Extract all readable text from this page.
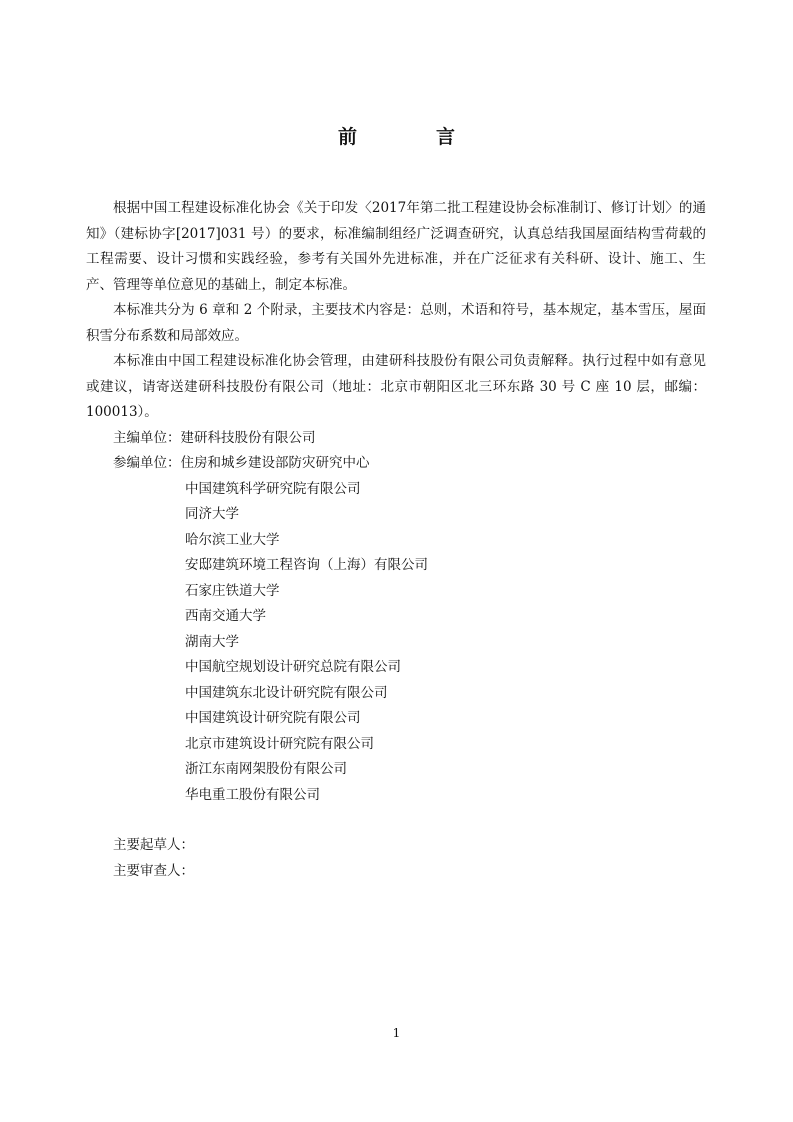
前　言

根据中国工程建设标准化协会《关于印发〈2017年第二批工程建设协会标准制订、修订计划〉的通知》（建标协字[2017]031 号）的要求，标准编制组经广泛调查研究，认真总结我国屋面结构雪荷载的工程需要、设计习惯和实践经验，参考有关国外先进标准，并在广泛征求有关科研、设计、施工、生产、管理等单位意见的基础上，制定本标准。

本标准共分为 6 章和 2 个附录，主要技术内容是：总则，术语和符号，基本规定，基本雪压，屋面积雪分布系数和局部效应。

本标准由中国工程建设标准化协会管理，由建研科技股份有限公司负责解释。执行过程中如有意见或建议，请寄送建研科技股份有限公司（地址：北京市朝阳区北三环东路 30 号 C 座 10 层，邮编：100013）。

主编单位：建研科技股份有限公司

参编单位：住房和城乡建设部防灾研究中心

中国建筑科学研究院有限公司
同济大学
哈尔滨工业大学
安邸建筑环境工程咨询（上海）有限公司
石家庄铁道大学
西南交通大学
湖南大学
中国航空规划设计研究总院有限公司
中国建筑东北设计研究院有限公司
中国建筑设计研究院有限公司
北京市建筑设计研究院有限公司
浙江东南网架股份有限公司
华电重工股份有限公司

主要起草人：

主要审查人：

1
